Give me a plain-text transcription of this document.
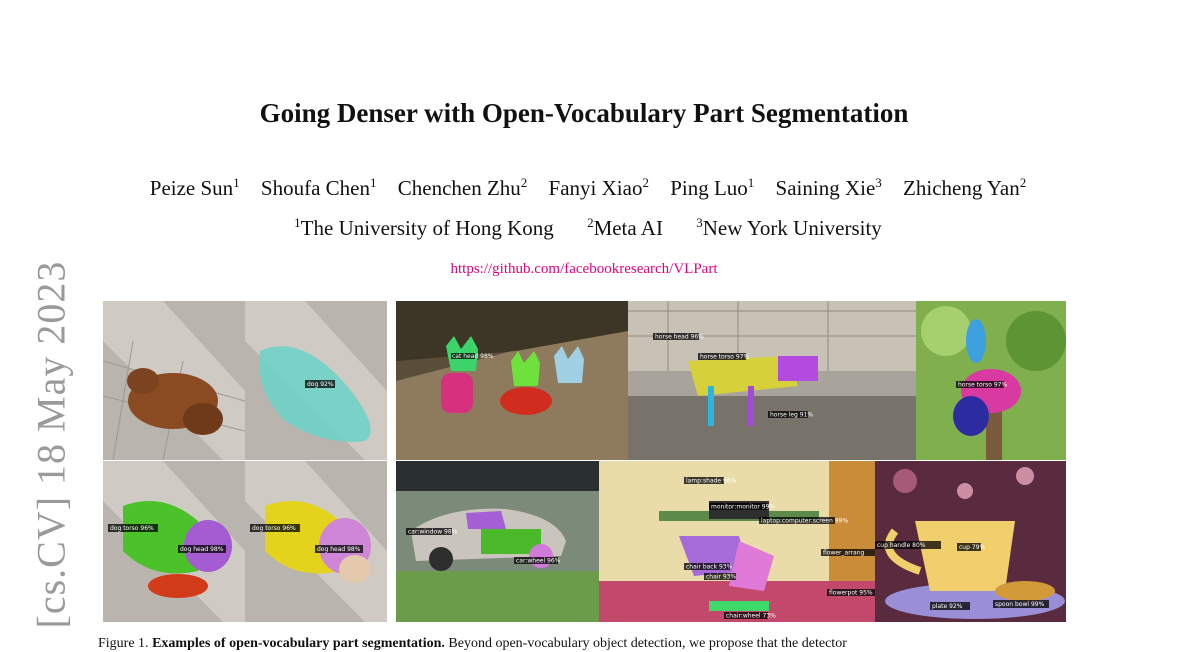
[cs.CV] 18 May 2023
Going Denser with Open-Vocabulary Part Segmentation
Peize Sun$^1$ Shoufa Chen$^1$ Chenchen Zhu$^2$ Fanyi Xiao$^2$ Ping Luo$^1$ Saining Xie$^3$ Zhicheng Yan$^2$
$^1$The University of Hong Kong	$^2$Meta AI	$^3$New York University
https://github.com/facebookresearch/VLPart
dog 92%
dog torso 96%
dog head 98%
dog torso 96%
dog head 98%
cat head 98%	horse torso 97%
horse head 96%
horse leg 91%
horse torso 97%
car:window 98%
car:wheel 96%
lamp:shade 96%
monitor:monitor 99%
laptop:computer:screen 99%
chair back 93%
chair 93%
chair:wheel 73%
flower_arrang
flowerpot 95%
cup handle 80%	cup 79%
plate 92%	spoon bowl 99%
Figure 1. Examples of open-vocabulary part segmentation. Beyond open-vocabulary object detection, we propose that the detector
